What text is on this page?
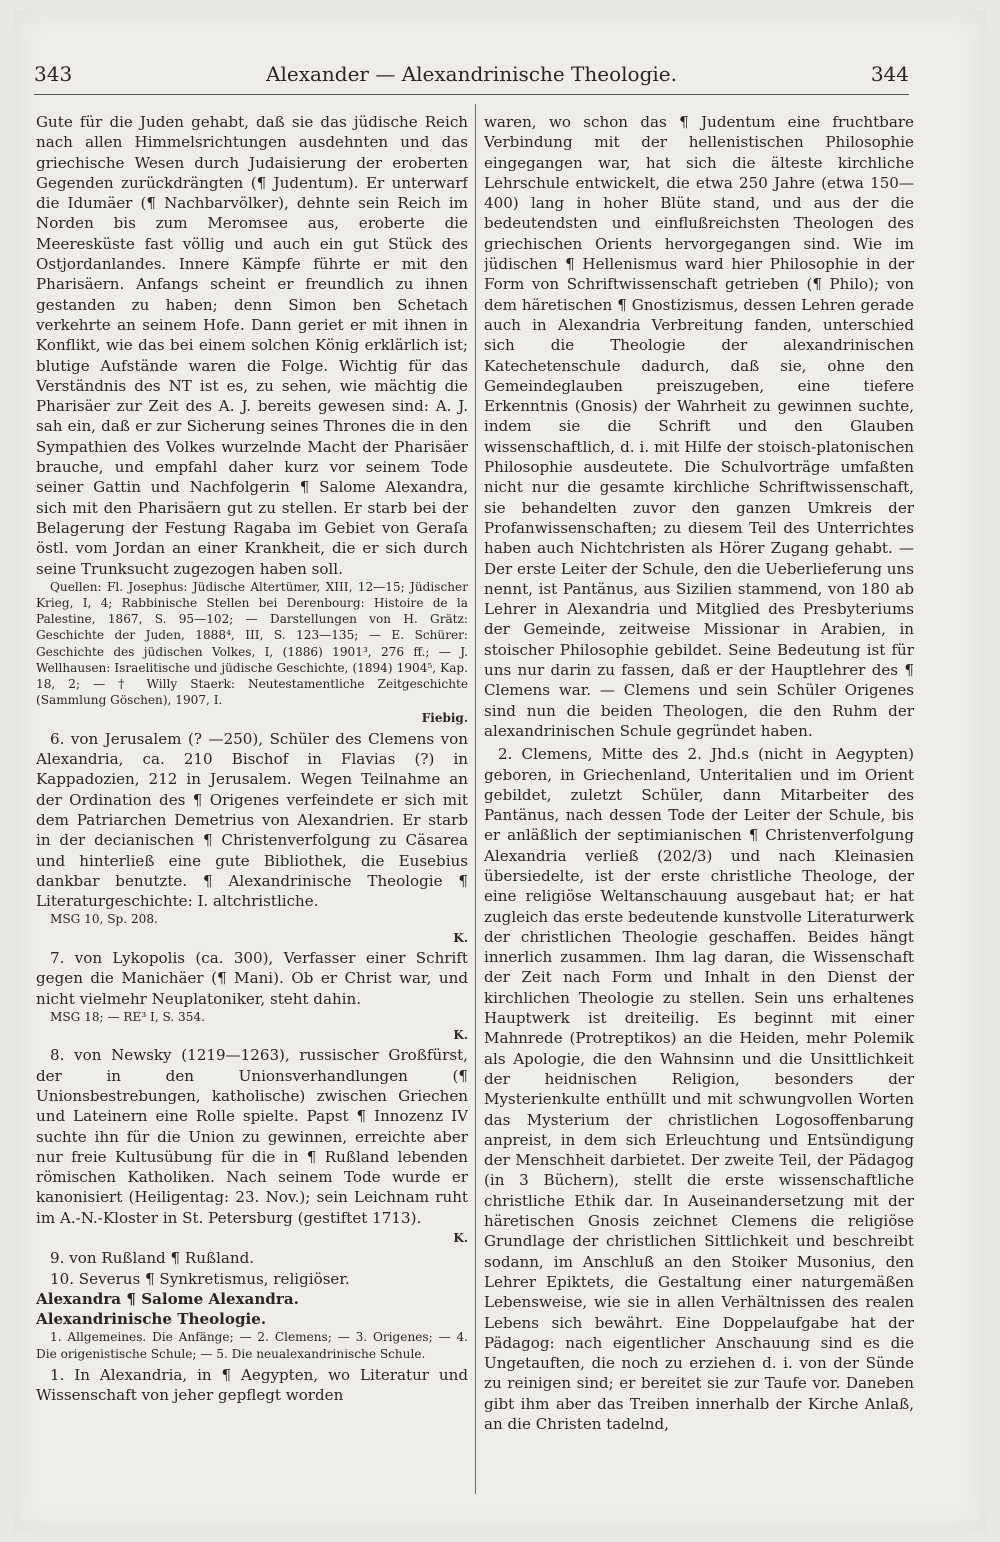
343	Alexander — Alexandrinische Theologie.	344

Gute für die Juden gehabt, daß sie das jüdische Reich nach allen Himmelsrichtungen ausdehnten und das griechische Wesen durch Judaisierung der eroberten Gegenden zurückdrängten (¶ Judentum). Er unterwarf die Idumäer (¶ Nachbarvölker), dehnte sein Reich im Norden bis zum Meromsee aus, eroberte die Meeresküste fast völlig und auch ein gut Stück des Ostjordanlandes. Innere Kämpfe führte er mit den Pharisäern. Anfangs scheint er freundlich zu ihnen gestanden zu haben; denn Simon ben Schetach verkehrte an seinem Hofe. Dann geriet er mit ihnen in Konflikt, wie das bei einem solchen König erklärlich ist; blutige Aufstände waren die Folge. Wichtig für das Verständnis des NT ist es, zu sehen, wie mächtig die Pharisäer zur Zeit des A. J. bereits gewesen sind: A. J. sah ein, daß er zur Sicherung seines Thrones die in den Sympathien des Volkes wurzelnde Macht der Pharisäer brauche, und empfahl daher kurz vor seinem Tode seiner Gattin und Nachfolgerin ¶ Salome Alexandra, sich mit den Pharisäern gut zu stellen. Er starb bei der Belagerung der Festung Ragaba im Gebiet von Geraſa östl. vom Jordan an einer Krankheit, die er sich durch seine Trunksucht zugezogen haben soll.

Quellen: Fl. Josephus: Jüdische Altertümer, XIII, 12—15; Jüdischer Krieg, I, 4; Rabbinische Stellen bei Derenbourg: Histoire de la Palestine, 1867, S. 95—102; — Darstellungen von H. Grätz: Geschichte der Juden, 1888⁴, III, S. 123—135; — E. Schürer: Geschichte des jüdischen Volkes, I, (1886) 1901³, 276 ff.; — J. Wellhausen: Israelitische und jüdische Geschichte, (1894) 1904⁵, Kap. 18, 2; — † Willy Staerk: Neutestamentliche Zeitgeschichte (Sammlung Göschen), 1907, I.

Fiebig.

6. von Jerusalem (? —250), Schüler des Clemens von Alexandria, ca. 210 Bischof in Flavias (?) in Kappadozien, 212 in Jerusalem. Wegen Teilnahme an der Ordination des ¶ Origenes verfeindete er sich mit dem Patriarchen Demetrius von Alexandrien. Er starb in der decianischen ¶ Christenverfolgung zu Cäsarea und hinterließ eine gute Bibliothek, die Eusebius dankbar benutzte. ¶ Alexandrinische Theologie ¶ Literaturgeschichte: I. altchristliche.

MSG 10, Sp. 208.

K.

7. von Lykopolis (ca. 300), Verfasser einer Schrift gegen die Manichäer (¶ Mani). Ob er Christ war, und nicht vielmehr Neuplatoniker, steht dahin.

MSG 18; — RE³ I, S. 354.

K.

8. von Newsky (1219—1263), russischer Großfürst, der in den Unionsverhandlungen (¶ Unionsbestrebungen, katholische) zwischen Griechen und Lateinern eine Rolle spielte. Papst ¶ Innozenz IV suchte ihn für die Union zu gewinnen, erreichte aber nur freie Kultusübung für die in ¶ Rußland lebenden römischen Katholiken. Nach seinem Tode wurde er kanonisiert (Heiligentag: 23. Nov.); sein Leichnam ruht im A.-N.-Kloster in St. Petersburg (gestiftet 1713).

K.

9. von Rußland ¶ Rußland.

10. Severus ¶ Synkretismus, religiöser.

Alexandra ¶ Salome Alexandra.

Alexandrinische Theologie.

1. Allgemeines. Die Anfänge; — 2. Clemens; — 3. Origenes; — 4. Die origenistische Schule; — 5. Die neualexandrinische Schule.

1. In Alexandria, in ¶ Aegypten, wo Literatur und Wissenschaft von jeher gepflegt worden

waren, wo schon das ¶ Judentum eine fruchtbare Verbindung mit der hellenistischen Philosophie eingegangen war, hat sich die älteste kirchliche Lehrschule entwickelt, die etwa 250 Jahre (etwa 150—400) lang in hoher Blüte stand, und aus der die bedeutendsten und einflußreichsten Theologen des griechischen Orients hervorgegangen sind. Wie im jüdischen ¶ Hellenismus ward hier Philosophie in der Form von Schriftwissenschaft getrieben (¶ Philo); von dem häretischen ¶ Gnostizismus, dessen Lehren gerade auch in Alexandria Verbreitung fanden, unterschied sich die Theologie der alexandrinischen Katechetenschule dadurch, daß sie, ohne den Gemeindeglauben preiszugeben, eine tiefere Erkenntnis (Gnosis) der Wahrheit zu gewinnen suchte, indem sie die Schrift und den Glauben wissenschaftlich, d. i. mit Hilfe der stoisch-platonischen Philosophie ausdeutete. Die Schulvorträge umfaßten nicht nur die gesamte kirchliche Schriftwissenschaft, sie behandelten zuvor den ganzen Umkreis der Profanwissenschaften; zu diesem Teil des Unterrichtes haben auch Nichtchristen als Hörer Zugang gehabt. — Der erste Leiter der Schule, den die Ueberlieferung uns nennt, ist Pantänus, aus Sizilien stammend, von 180 ab Lehrer in Alexandria und Mitglied des Presbyteriums der Gemeinde, zeitweise Missionar in Arabien, in stoischer Philosophie gebildet. Seine Bedeutung ist für uns nur darin zu fassen, daß er der Hauptlehrer des ¶ Clemens war. — Clemens und sein Schüler Origenes sind nun die beiden Theologen, die den Ruhm der alexandrinischen Schule gegründet haben.

2. Clemens, Mitte des 2. Jhd.s (nicht in Aegypten) geboren, in Griechenland, Unteritalien und im Orient gebildet, zuletzt Schüler, dann Mitarbeiter des Pantänus, nach dessen Tode der Leiter der Schule, bis er anläßlich der septimianischen ¶ Christenverfolgung Alexandria verließ (202/3) und nach Kleinasien übersiedelte, ist der erste christliche Theologe, der eine religiöse Weltanschauung ausgebaut hat; er hat zugleich das erste bedeutende kunstvolle Literaturwerk der christlichen Theologie geschaffen. Beides hängt innerlich zusammen. Ihm lag daran, die Wissenschaft der Zeit nach Form und Inhalt in den Dienst der kirchlichen Theologie zu stellen. Sein uns erhaltenes Hauptwerk ist dreiteilig. Es beginnt mit einer Mahnrede (Protreptikos) an die Heiden, mehr Polemik als Apologie, die den Wahnsinn und die Unsittlichkeit der heidnischen Religion, besonders der Mysterienkulte enthüllt und mit schwungvollen Worten das Mysterium der christlichen Logosoffenbarung anpreist, in dem sich Erleuchtung und Entsündigung der Menschheit darbietet. Der zweite Teil, der Pädagog (in 3 Büchern), stellt die erste wissenschaftliche christliche Ethik dar. In Auseinandersetzung mit der häretischen Gnosis zeichnet Clemens die religiöse Grundlage der christlichen Sittlichkeit und beschreibt sodann, im Anschluß an den Stoiker Musonius, den Lehrer Epiktets, die Gestaltung einer naturgemäßen Lebensweise, wie sie in allen Verhältnissen des realen Lebens sich bewährt. Eine Doppelaufgabe hat der Pädagog: nach eigentlicher Anschauung sind es die Ungetauften, die noch zu erziehen d. i. von der Sünde zu reinigen sind; er bereitet sie zur Taufe vor. Daneben gibt ihm aber das Treiben innerhalb der Kirche Anlaß, an die Christen tadelnd,
